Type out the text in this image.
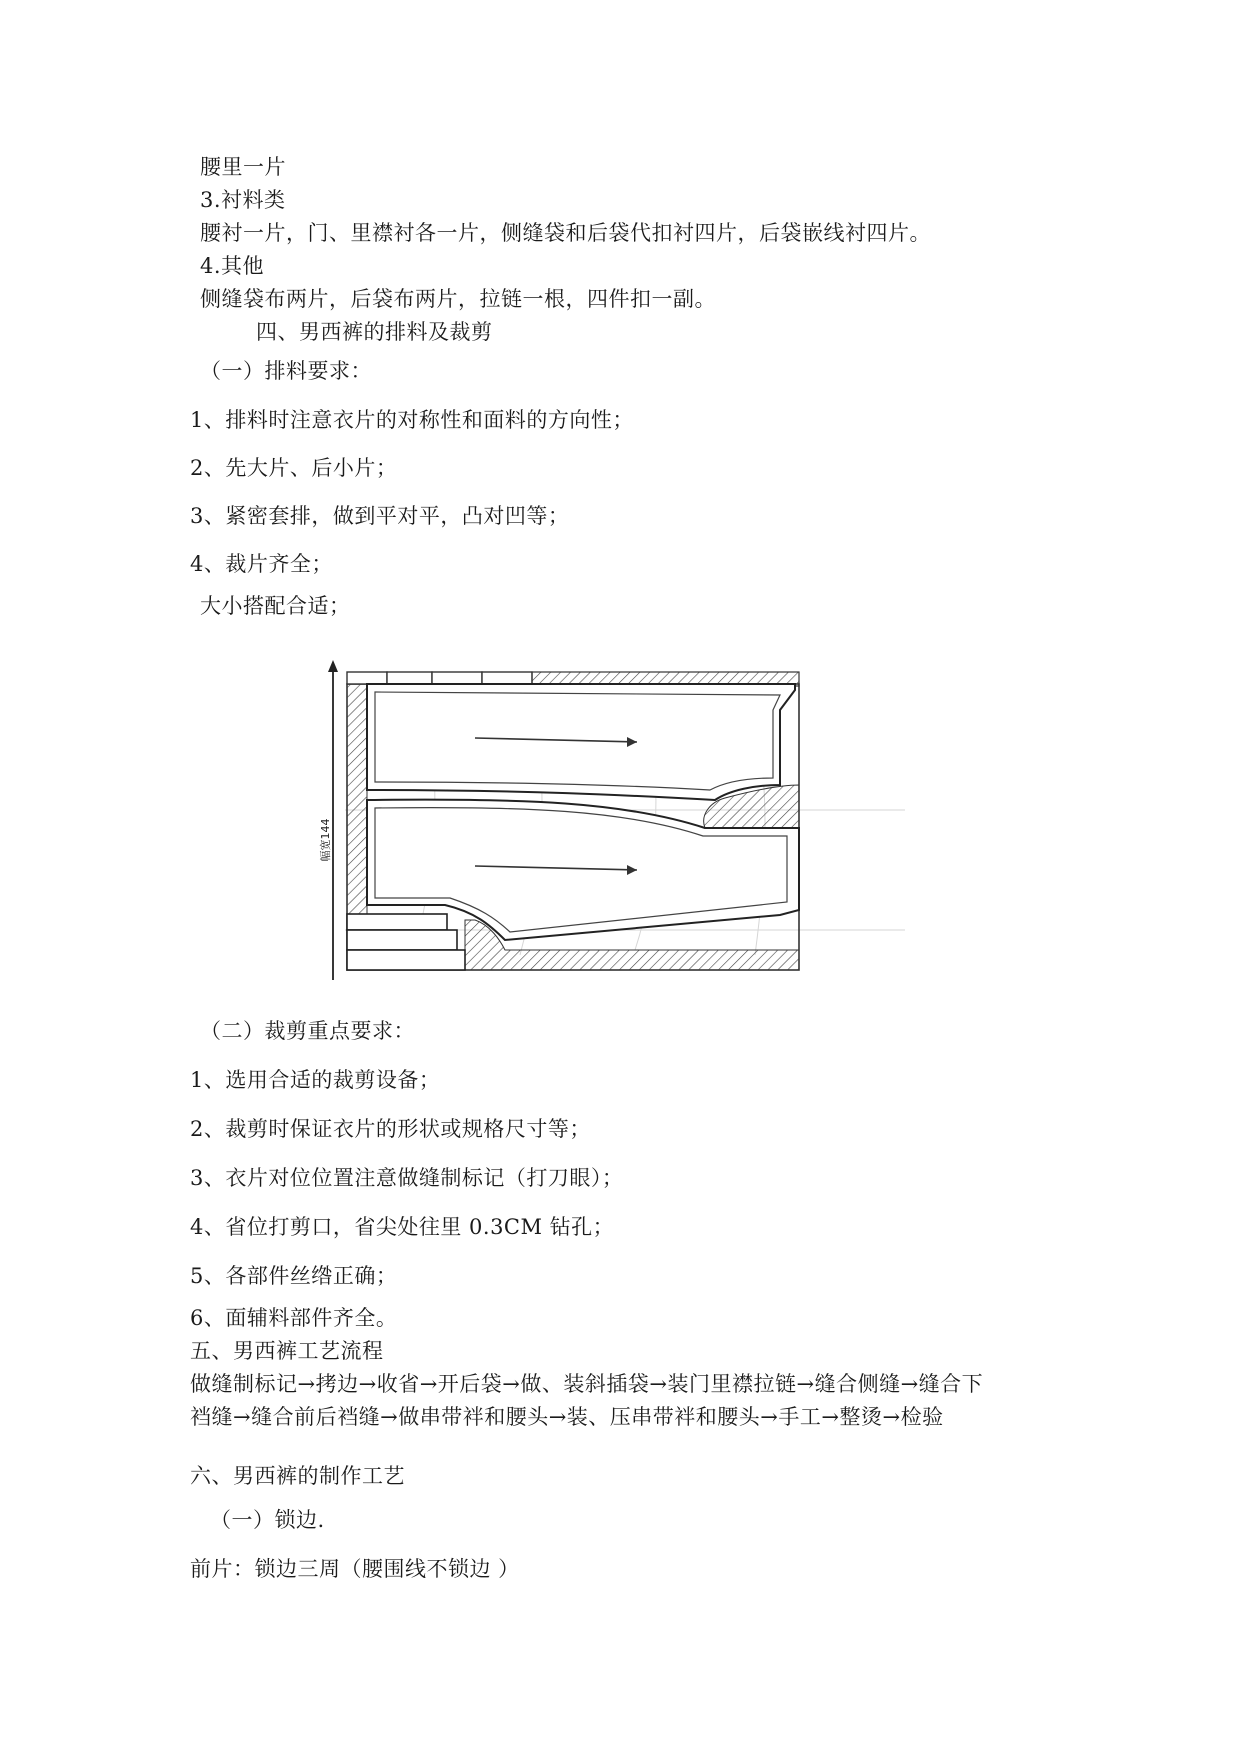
腰里一片
3.衬料类
腰衬一片，门、里襟衬各一片，侧缝袋和后袋代扣衬四片，后袋嵌线衬四片。
4.其他
侧缝袋布两片，后袋布两片，拉链一根，四件扣一副。
四、男西裤的排料及裁剪
（一）排料要求：
1、排料时注意衣片的对称性和面料的方向性；
2、先大片、后小片；
3、紧密套排，做到平对平，凸对凹等；
4、裁片齐全；
大小搭配合适；
幅宽144
（二）裁剪重点要求：
1、选用合适的裁剪设备；
2、裁剪时保证衣片的形状或规格尺寸等；
3、衣片对位位置注意做缝制标记（打刀眼）；
4、省位打剪口，省尖处往里 0.3CM 钻孔；
5、各部件丝绺正确；
6、面辅料部件齐全。
五、男西裤工艺流程
做缝制标记→拷边→收省→开后袋→做、装斜插袋→装门里襟拉链→缝合侧缝→缝合下
裆缝→缝合前后裆缝→做串带袢和腰头→装、压串带袢和腰头→手工→整烫→检验
六、男西裤的制作工艺
（一）锁边.
前片：锁边三周（腰围线不锁边 ）
